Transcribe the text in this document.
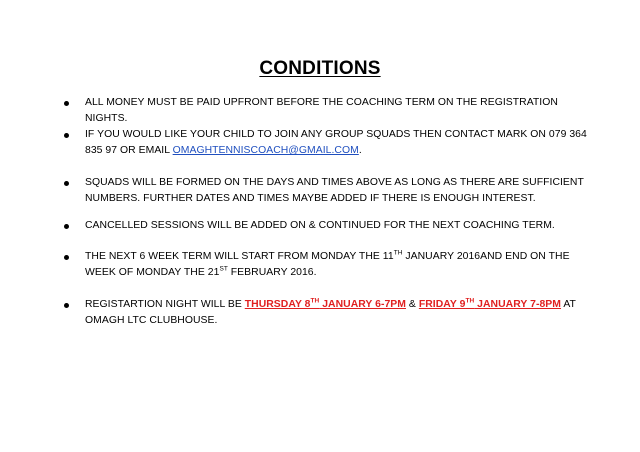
CONDITIONS
ALL MONEY MUST BE PAID UPFRONT BEFORE THE COACHING TERM ON THE REGISTRATION NIGHTS.
IF YOU WOULD LIKE YOUR CHILD TO JOIN ANY GROUP SQUADS THEN CONTACT MARK ON 079 364 835 97 OR EMAIL OMAGHTENNISCOACH@GMAIL.COM.
SQUADS WILL BE FORMED ON THE DAYS AND TIMES ABOVE AS LONG AS THERE ARE SUFFICIENT NUMBERS. FURTHER DATES AND TIMES MAYBE ADDED IF THERE IS ENOUGH INTEREST.
CANCELLED SESSIONS WILL BE ADDED ON & CONTINUED FOR THE NEXT COACHING TERM.
THE NEXT 6 WEEK TERM WILL START FROM MONDAY THE 11TH JANUARY 2016AND END ON THE WEEK OF MONDAY THE 21ST FEBRUARY 2016.
REGISTARTION NIGHT WILL BE THURSDAY 8TH JANUARY 6-7PM & FRIDAY 9TH JANUARY 7-8PM AT OMAGH LTC CLUBHOUSE.
